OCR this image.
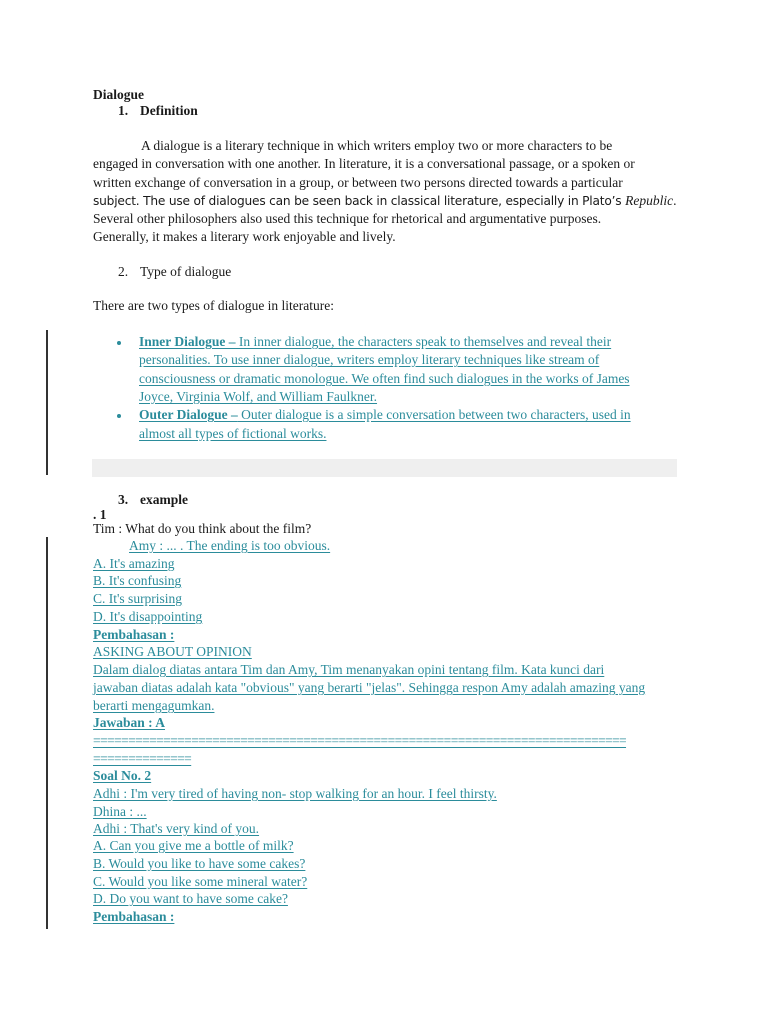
Dialogue
1. Definition
A dialogue is a literary technique in which writers employ two or more characters to be
engaged in conversation with one another. In literature, it is a conversational passage, or a spoken or
written exchange of conversation in a group, or between two persons directed towards a particular
subject. The use of dialogues can be seen back in classical literature, especially in Plato’s Republic.
Several other philosophers also used this technique for rhetorical and argumentative purposes.
Generally, it makes a literary work enjoyable and lively.
2. Type of dialogue
There are two types of dialogue in literature:
Inner Dialogue – In inner dialogue, the characters speak to themselves and reveal their
personalities. To use inner dialogue, writers employ literary techniques like stream of
consciousness or dramatic monologue. We often find such dialogues in the works of James
Joyce, Virginia Wolf, and William Faulkner.
Outer Dialogue – Outer dialogue is a simple conversation between two characters, used in
almost all types of fictional works.
3. example
. 1
Tim : What do you think about the film?
Amy : ... . The ending is too obvious.
A. It's amazing
B. It's confusing
C. It's surprising
D. It's disappointing
Pembahasan :
ASKING ABOUT OPINION
Dalam dialog diatas antara Tim dan Amy, Tim menanyakan opini tentang film. Kata kunci dari
jawaban diatas adalah kata "obvious" yang berarti "jelas". Sehingga respon Amy adalah amazing yang
berarti mengagumkan.
Jawaban : A
============================================================================
==============
Soal No. 2
Adhi : I'm very tired of having non- stop walking for an hour. I feel thirsty.
Dhina : ...
Adhi : That's very kind of you.
A. Can you give me a bottle of milk?
B. Would you like to have some cakes?
C. Would you like some mineral water?
D. Do you want to have some cake?
Pembahasan :
